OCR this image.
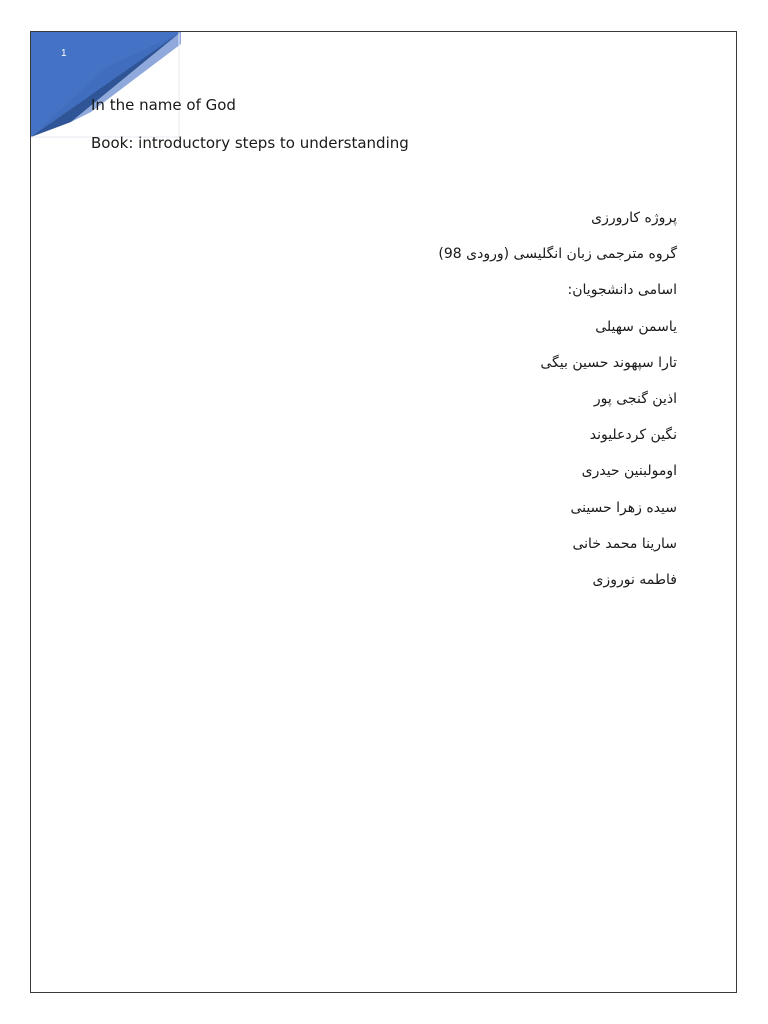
1
In the name of God
Book: introductory steps to understanding
پروژه کارورزی
گروه مترجمی زبان انگلیسی (ورودی 98)
اسامی دانشجویان:
یاسمن سهیلی
تارا سپهوند حسین بیگی
اذین گنجی پور
نگین کردعلیوند
اومولبنین حیدری
سیده زهرا حسینی
سارینا محمد خانی
فاطمه نوروزی
